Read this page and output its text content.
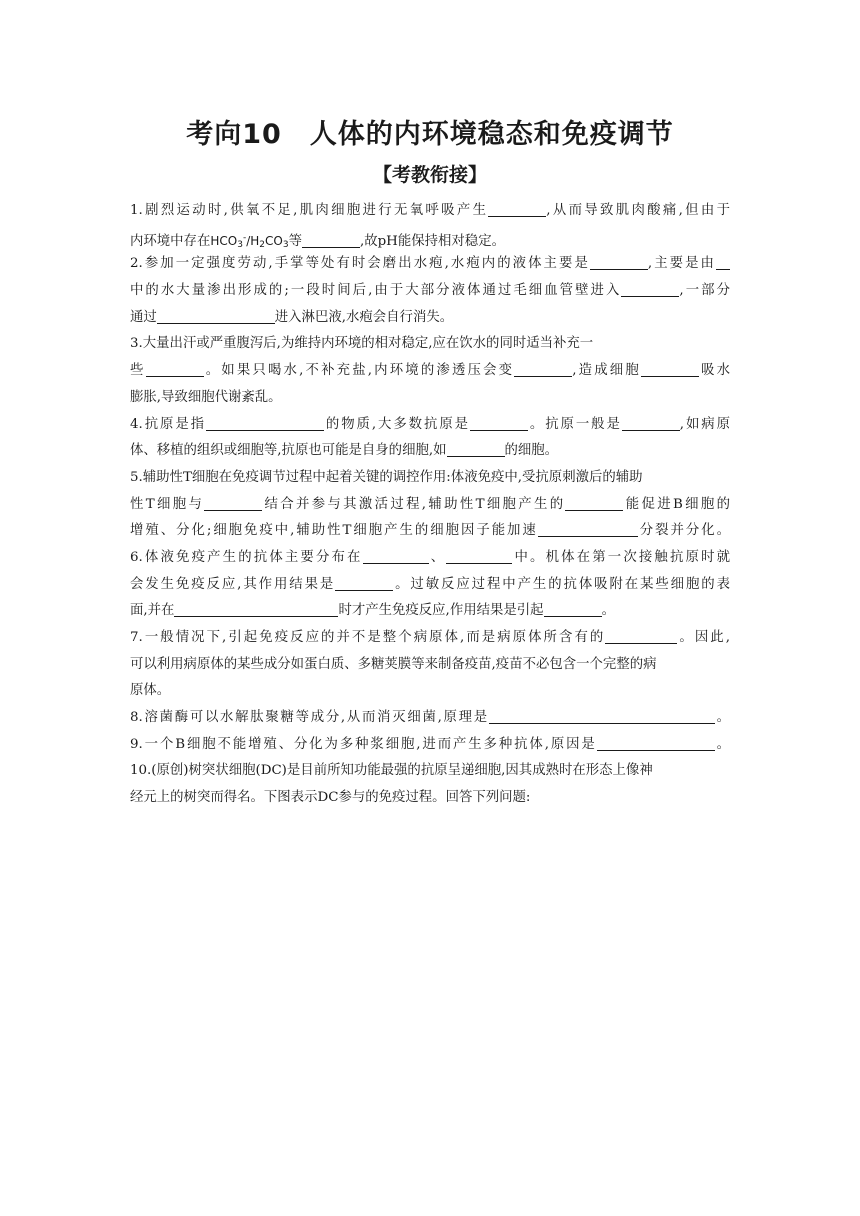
考向10　人体的内环境稳态和免疫调节
【考教衔接】
1.剧烈运动时,供氧不足,肌肉细胞进行无氧呼吸产生	,从而导致肌肉酸痛,但由于
内环境中存在$HCO_3^-/H_2CO_3$等	,故pH能保持相对稳定。
2.参加一定强度劳动,手掌等处有时会磨出水疱,水疱内的液体主要是	,主要是由
中的水大量渗出形成的;一段时间后,由于大部分液体通过毛细血管壁进入	,一部分
通过	进入淋巴液,水疱会自行消失。
3.大量出汗或严重腹泻后,为维持内环境的相对稳定,应在饮水的同时适当补充一
些	。如果只喝水,不补充盐,内环境的渗透压会变	,造成细胞	吸水
膨胀,导致细胞代谢紊乱。
4.抗原是指	的物质,大多数抗原是	。抗原一般是	,如病原
体、移植的组织或细胞等,抗原也可能是自身的细胞,如	的细胞。
5.辅助性T细胞在免疫调节过程中起着关键的调控作用:体液免疫中,受抗原刺激后的辅助
性T细胞与	结合并参与其激活过程,辅助性T细胞产生的	能促进B细胞的
增殖、分化;细胞免疫中,辅助性T细胞产生的细胞因子能加速	分裂并分化。
6.体液免疫产生的抗体主要分布在	、	中。机体在第一次接触抗原时就
会发生免疫反应,其作用结果是	。过敏反应过程中产生的抗体吸附在某些细胞的表
面,并在	时才产生免疫反应,作用结果是引起	。
7.一般情况下,引起免疫反应的并不是整个病原体,而是病原体所含有的	。因此,
可以利用病原体的某些成分如蛋白质、多糖荚膜等来制备疫苗,疫苗不必包含一个完整的病
原体。
8.溶菌酶可以水解肽聚糖等成分,从而消灭细菌,原理是	。
9.一个B细胞不能增殖、分化为多种浆细胞,进而产生多种抗体,原因是	。
10.(原创)树突状细胞(DC)是目前所知功能最强的抗原呈递细胞,因其成熟时在形态上像神
经元上的树突而得名。下图表示DC参与的免疫过程。回答下列问题:
